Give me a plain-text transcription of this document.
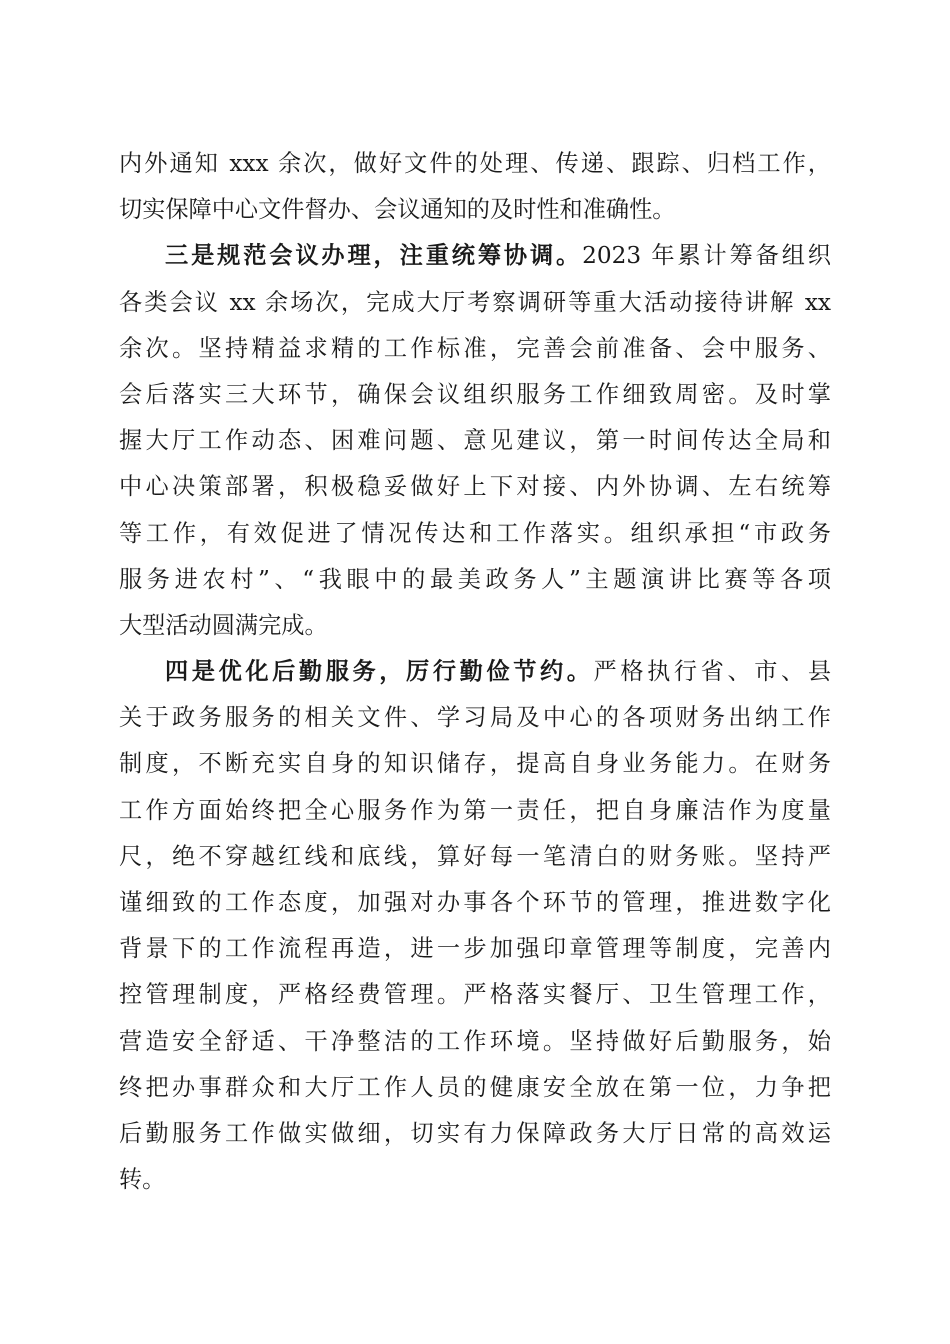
内外通知 xxx 余次，做好文件的处理、传递、跟踪、归档工作，
切实保障中心文件督办、会议通知的及时性和准确性。
三是规范会议办理，注重统筹协调。2023 年累计筹备组织
各类会议 xx 余场次，完成大厅考察调研等重大活动接待讲解 xx
余次。坚持精益求精的工作标准，完善会前准备、会中服务、
会后落实三大环节，确保会议组织服务工作细致周密。及时掌
握大厅工作动态、困难问题、意见建议，第一时间传达全局和
中心决策部署，积极稳妥做好上下对接、内外协调、左右统筹
等工作，有效促进了情况传达和工作落实。组织承担“市政务
服务进农村”、“我眼中的最美政务人”主题演讲比赛等各项
大型活动圆满完成。
四是优化后勤服务，厉行勤俭节约。严格执行省、市、县
关于政务服务的相关文件、学习局及中心的各项财务出纳工作
制度，不断充实自身的知识储存，提高自身业务能力。在财务
工作方面始终把全心服务作为第一责任，把自身廉洁作为度量
尺，绝不穿越红线和底线，算好每一笔清白的财务账。坚持严
谨细致的工作态度，加强对办事各个环节的管理，推进数字化
背景下的工作流程再造，进一步加强印章管理等制度，完善内
控管理制度，严格经费管理。严格落实餐厅、卫生管理工作，
营造安全舒适、干净整洁的工作环境。坚持做好后勤服务，始
终把办事群众和大厅工作人员的健康安全放在第一位，力争把
后勤服务工作做实做细，切实有力保障政务大厅日常的高效运
转。
